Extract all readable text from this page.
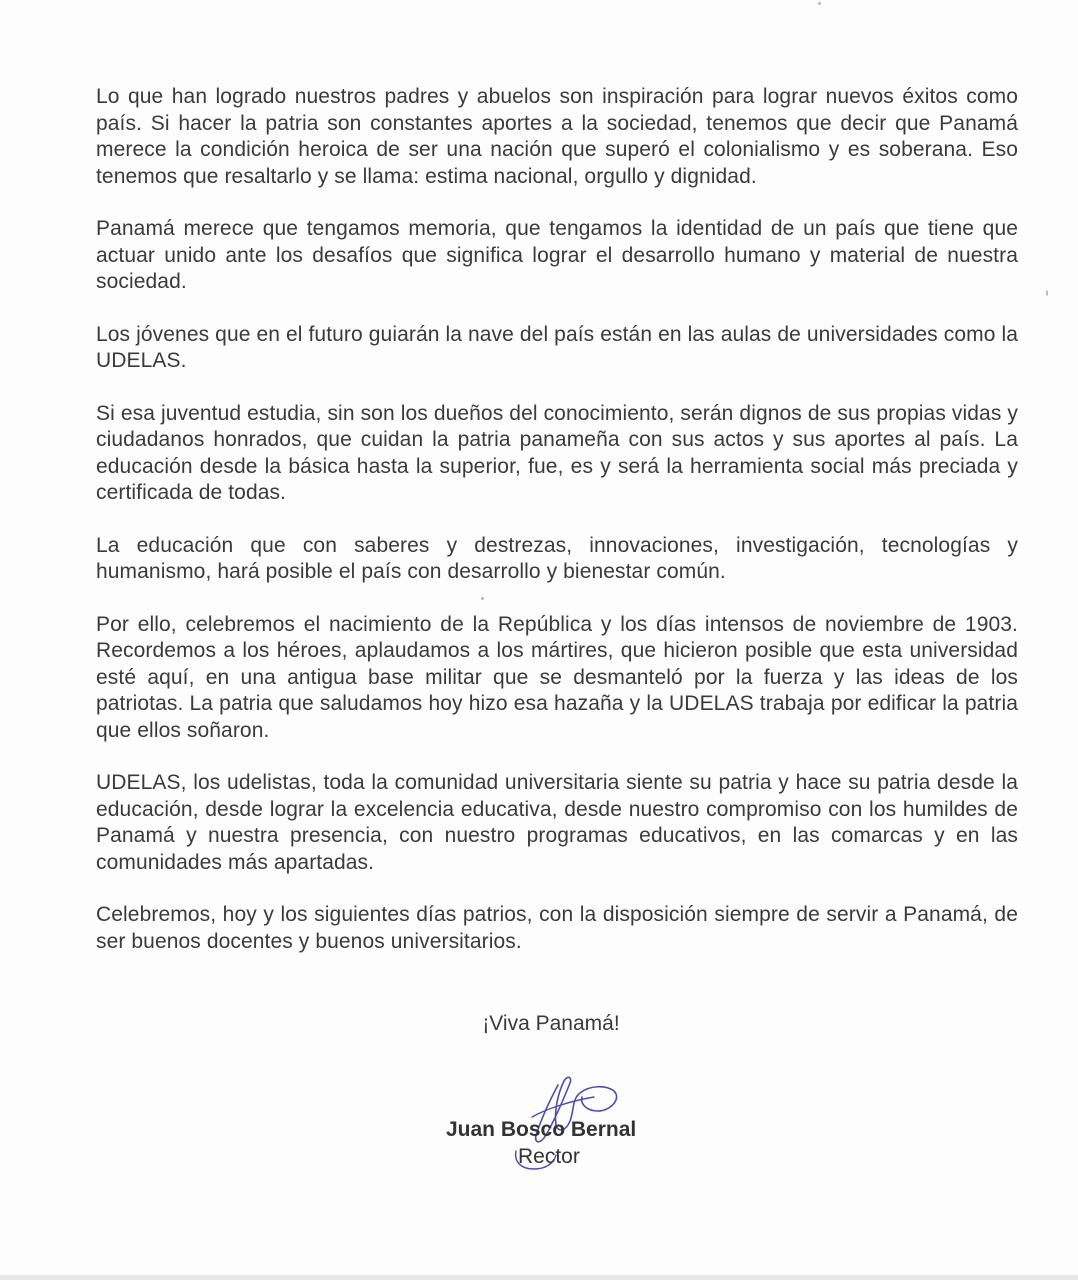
Lo que han logrado nuestros padres y abuelos son inspiración para lograr nuevos éxitos como país. Si hacer la patria son constantes aportes a la sociedad, tenemos que decir que Panamá merece la condición heroica de ser una nación que superó el colonialismo y es soberana. Eso tenemos que resaltarlo y se llama: estima nacional, orgullo y dignidad.

Panamá merece que tengamos memoria, que tengamos la identidad de un país que tiene que actuar unido ante los desafíos que significa lograr el desarrollo humano y material de nuestra sociedad.

Los jóvenes que en el futuro guiarán la nave del país están en las aulas de universidades como la UDELAS.

Si esa juventud estudia, sin son los dueños del conocimiento, serán dignos de sus propias vidas y ciudadanos honrados, que cuidan la patria panameña con sus actos y sus aportes al país. La educación desde la básica hasta la superior, fue, es y será la herramienta social más preciada y certificada de todas.

La educación que con saberes y destrezas, innovaciones, investigación, tecnologías y humanismo, hará posible el país con desarrollo y bienestar común.

Por ello, celebremos el nacimiento de la República y los días intensos de noviembre de 1903. Recordemos a los héroes, aplaudamos a los mártires, que hicieron posible que esta universidad esté aquí, en una antigua base militar que se desmanteló por la fuerza y las ideas de los patriotas. La patria que saludamos hoy hizo esa hazaña y la UDELAS trabaja por edificar la patria que ellos soñaron.

UDELAS, los udelistas, toda la comunidad universitaria siente su patria y hace su patria desde la educación, desde lograr la excelencia educativa, desde nuestro compromiso con los humildes de Panamá y nuestra presencia, con nuestro programas educativos, en las comarcas y en las comunidades más apartadas.

Celebremos, hoy y los siguientes días patrios, con la disposición siempre de servir a Panamá, de ser buenos docentes y buenos universitarios.

¡Viva Panamá!
Juan Bosco Bernal
Rector
